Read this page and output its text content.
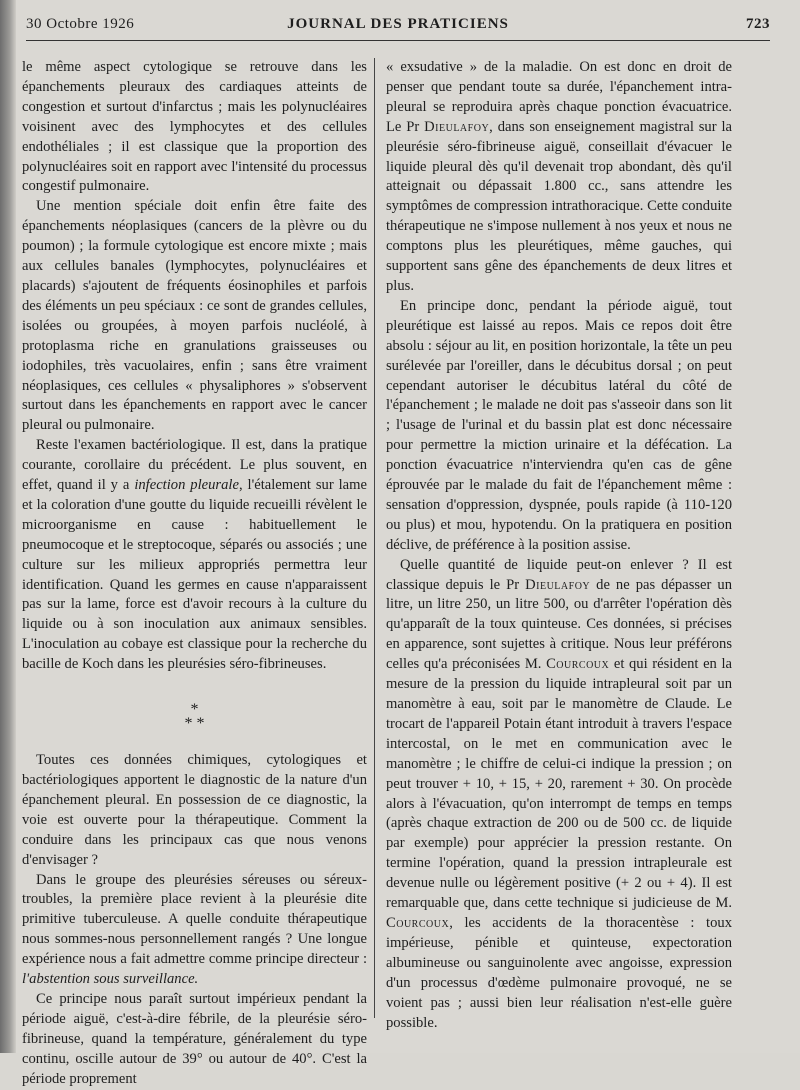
30 Octobre 1926	JOURNAL DES PRATICIENS	723

le même aspect cytologique se retrouve dans les épanchements pleuraux des cardiaques atteints de congestion et surtout d'infarctus ; mais les polynucléaires voisinent avec des lymphocytes et des cellules endothéliales ; il est classique que la proportion des polynucléaires soit en rapport avec l'intensité du processus congestif pulmonaire.

Une mention spéciale doit enfin être faite des épanchements néoplasiques (cancers de la plèvre ou du poumon) ; la formule cytologique est encore mixte ; mais aux cellules banales (lymphocytes, polynucléaires et placards) s'ajoutent de fréquents éosinophiles et parfois des éléments un peu spéciaux : ce sont de grandes cellules, isolées ou groupées, à moyen parfois nucléolé, à protoplasma riche en granulations graisseuses ou iodophiles, très vacuolaires, enfin ; sans être vraiment néoplasiques, ces cellules « physaliphores » s'observent surtout dans les épanchements en rapport avec le cancer pleural ou pulmonaire.

Reste l'examen bactériologique. Il est, dans la pratique courante, corollaire du précédent. Le plus souvent, en effet, quand il y a infection pleurale, l'étalement sur lame et la coloration d'une goutte du liquide recueilli révèlent le microorganisme en cause : habituellement le pneumocoque et le streptocoque, séparés ou associés ; une culture sur les milieux appropriés permettra leur identification. Quand les germes en cause n'apparaissent pas sur la lame, force est d'avoir recours à la culture du liquide ou à son inoculation aux animaux sensibles. L'inoculation au cobaye est classique pour la recherche du bacille de Koch dans les pleurésies séro-fibrineuses.

*
* *

Toutes ces données chimiques, cytologiques et bactériologiques apportent le diagnostic de la nature d'un épanchement pleural. En possession de ce diagnostic, la voie est ouverte pour la thérapeutique. Comment la conduire dans les principaux cas que nous venons d'envisager ?

Dans le groupe des pleurésies séreuses ou séreux-troubles, la première place revient à la pleurésie dite primitive tuberculeuse. A quelle conduite thérapeutique nous sommes-nous personnellement rangés ? Une longue expérience nous a fait admettre comme principe directeur : l'abstention sous surveillance.

Ce principe nous paraît surtout impérieux pendant la période aiguë, c'est-à-dire fébrile, de la pleurésie séro-fibrineuse, quand la température, généralement du type continu, oscille autour de 39° ou autour de 40°. C'est la période proprement

« exsudative » de la maladie. On est donc en droit de penser que pendant toute sa durée, l'épanchement intra-pleural se reproduira après chaque ponction évacuatrice. Le Pr Dieulafoy, dans son enseignement magistral sur la pleurésie séro-fibrineuse aiguë, conseillait d'évacuer le liquide pleural dès qu'il devenait trop abondant, dès qu'il atteignait ou dépassait 1.800 cc., sans attendre les symptômes de compression intrathoracique. Cette conduite thérapeutique ne s'impose nullement à nos yeux et nous ne comptons plus les pleurétiques, même gauches, qui supportent sans gêne des épanchements de deux litres et plus.

En principe donc, pendant la période aiguë, tout pleurétique est laissé au repos. Mais ce repos doit être absolu : séjour au lit, en position horizontale, la tête un peu surélevée par l'oreiller, dans le décubitus dorsal ; on peut cependant autoriser le décubitus latéral du côté de l'épanchement ; le malade ne doit pas s'asseoir dans son lit ; l'usage de l'urinal et du bassin plat est donc nécessaire pour permettre la miction urinaire et la défécation. La ponction évacuatrice n'interviendra qu'en cas de gêne éprouvée par le malade du fait de l'épanchement même : sensation d'oppression, dyspnée, pouls rapide (à 110-120 ou plus) et mou, hypotendu. On la pratiquera en position déclive, de préférence à la position assise.

Quelle quantité de liquide peut-on enlever ? Il est classique depuis le Pr Dieulafoy de ne pas dépasser un litre, un litre 250, un litre 500, ou d'arrêter l'opération dès qu'apparaît de la toux quinteuse. Ces données, si précises en apparence, sont sujettes à critique. Nous leur préférons celles qu'a préconisées M. Courcoux et qui résident en la mesure de la pression du liquide intrapleural soit par un manomètre à eau, soit par le manomètre de Claude. Le trocart de l'appareil Potain étant introduit à travers l'espace intercostal, on le met en communication avec le manomètre ; le chiffre de celui-ci indique la pression ; on peut trouver + 10, + 15, + 20, rarement + 30. On procède alors à l'évacuation, qu'on interrompt de temps en temps (après chaque extraction de 200 ou de 500 cc. de liquide par exemple) pour apprécier la pression restante. On termine l'opération, quand la pression intrapleurale est devenue nulle ou légèrement positive (+ 2 ou + 4). Il est remarquable que, dans cette technique si judicieuse de M. Courcoux, les accidents de la thoracentèse : toux impérieuse, pénible et quinteuse, expectoration albumineuse ou sanguinolente avec angoisse, expression d'un processus d'œdème pulmonaire provoqué, ne se voient pas ; aussi bien leur réalisation n'est-elle guère possible.
